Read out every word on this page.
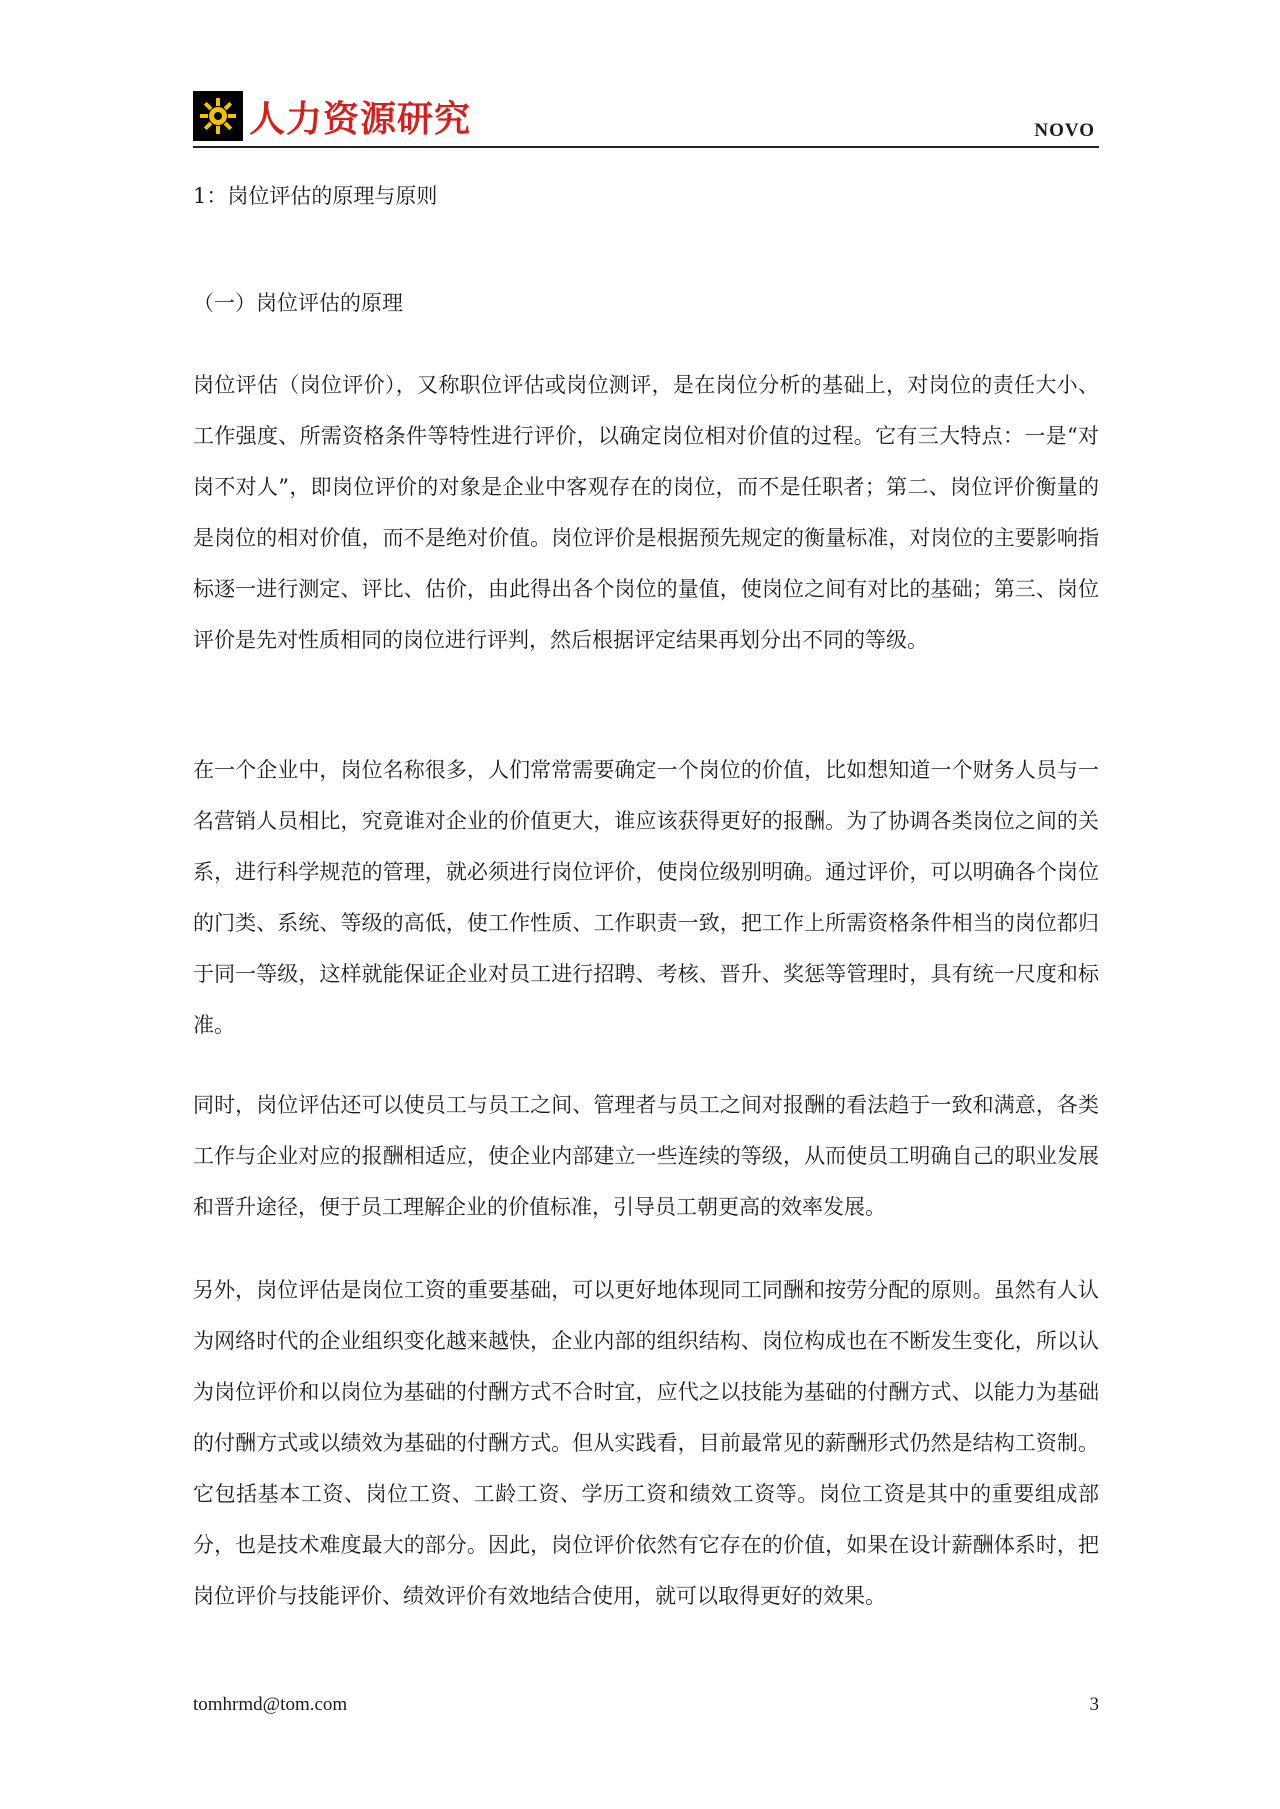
人力资源研究	NOVO
1：岗位评估的原理与原则
（一）岗位评估的原理

岗位评估（岗位评价），又称职位评估或岗位测评，是在岗位分析的基础上，对岗位的责任大小、工作强度、所需资格条件等特性进行评价，以确定岗位相对价值的过程。它有三大特点：一是“对岗不对人”，即岗位评价的对象是企业中客观存在的岗位，而不是任职者；第二、岗位评价衡量的是岗位的相对价值，而不是绝对价值。岗位评价是根据预先规定的衡量标准，对岗位的主要影响指标逐一进行测定、评比、估价，由此得出各个岗位的量值，使岗位之间有对比的基础；第三、岗位评价是先对性质相同的岗位进行评判，然后根据评定结果再划分出不同的等级。

在一个企业中，岗位名称很多，人们常常需要确定一个岗位的价值，比如想知道一个财务人员与一名营销人员相比，究竟谁对企业的价值更大，谁应该获得更好的报酬。为了协调各类岗位之间的关系，进行科学规范的管理，就必须进行岗位评价，使岗位级别明确。通过评价，可以明确各个岗位的门类、系统、等级的高低，使工作性质、工作职责一致，把工作上所需资格条件相当的岗位都归于同一等级，这样就能保证企业对员工进行招聘、考核、晋升、奖惩等管理时，具有统一尺度和标准。

同时，岗位评估还可以使员工与员工之间、管理者与员工之间对报酬的看法趋于一致和满意，各类工作与企业对应的报酬相适应，使企业内部建立一些连续的等级，从而使员工明确自己的职业发展和晋升途径，便于员工理解企业的价值标准，引导员工朝更高的效率发展。

另外，岗位评估是岗位工资的重要基础，可以更好地体现同工同酬和按劳分配的原则。虽然有人认为网络时代的企业组织变化越来越快，企业内部的组织结构、岗位构成也在不断发生变化，所以认为岗位评价和以岗位为基础的付酬方式不合时宜，应代之以技能为基础的付酬方式、以能力为基础的付酬方式或以绩效为基础的付酬方式。但从实践看，目前最常见的薪酬形式仍然是结构工资制。它包括基本工资、岗位工资、工龄工资、学历工资和绩效工资等。岗位工资是其中的重要组成部分，也是技术难度最大的部分。因此，岗位评价依然有它存在的价值，如果在设计薪酬体系时，把岗位评价与技能评价、绩效评价有效地结合使用，就可以取得更好的效果。

tomhrmd@tom.com	3
